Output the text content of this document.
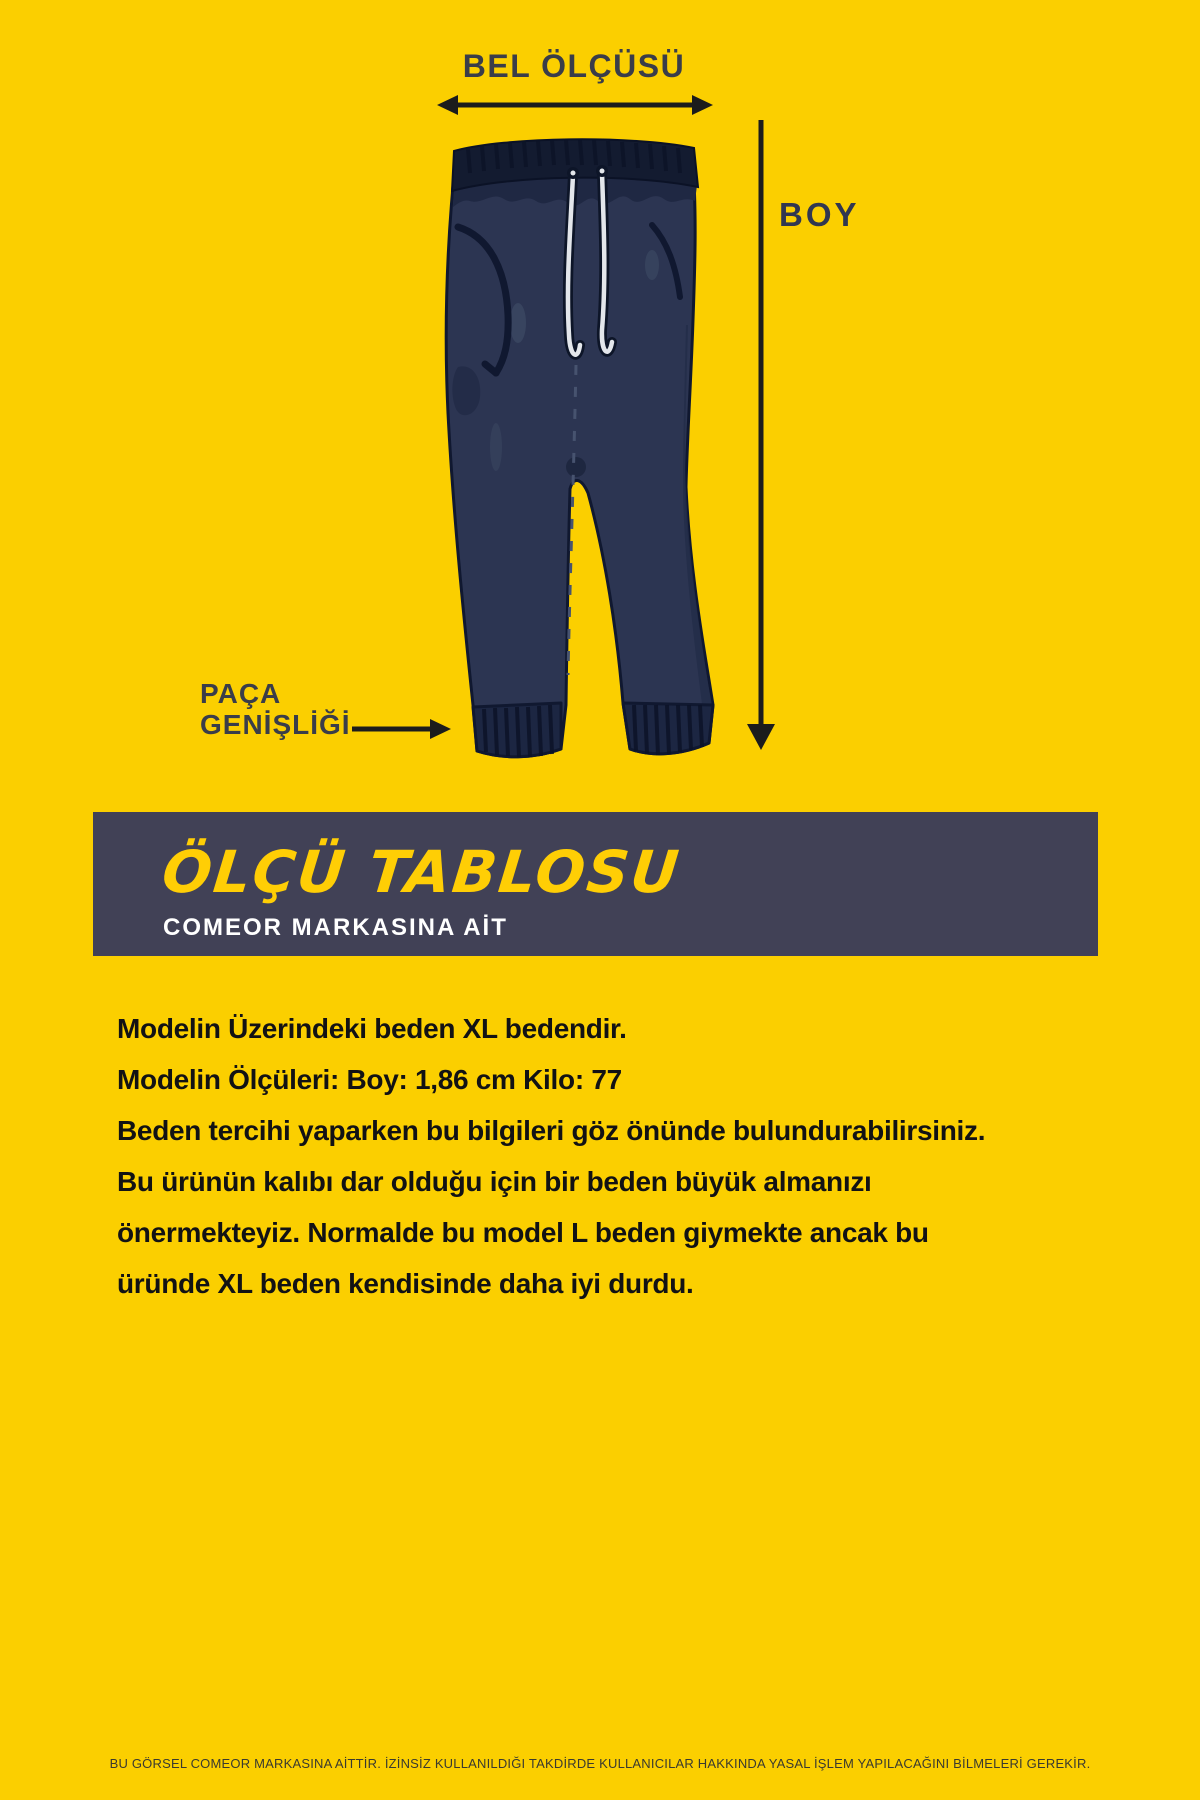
BEL ÖLÇÜSÜ
BOY
PAÇA
GENİŞLİĞİ
ÖLÇÜ TABLOSU
COMEOR MARKASINA AİT
Modelin Üzerindeki beden XL bedendir.
Modelin Ölçüleri: Boy: 1,86 cm Kilo: 77
Beden tercihi yaparken bu bilgileri göz önünde bulundurabilirsiniz.
Bu ürünün kalıbı dar olduğu için bir beden büyük almanızı
önermekteyiz. Normalde bu model L beden giymekte ancak bu
üründe XL beden kendisinde daha iyi durdu.
BU GÖRSEL COMEOR MARKASINA AİTTİR. İZİNSİZ KULLANILDIĞI TAKDİRDE KULLANICILAR HAKKINDA YASAL İŞLEM YAPILACAĞINI BİLMELERİ GEREKİR.
